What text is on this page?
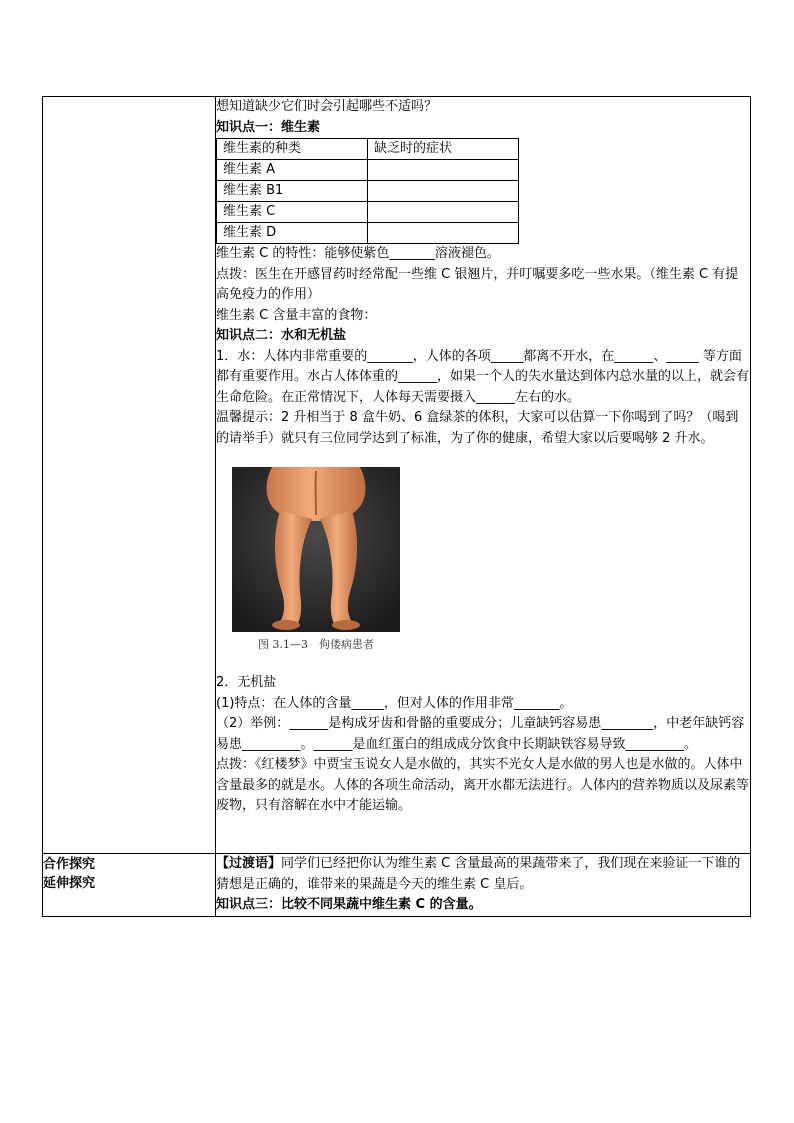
想知道缺少它们时会引起哪些不适吗？

知识点一：维生素

维生素的种类	缺乏时的症状
维生素 A	
维生素 B1	
维生素 C	
维生素 D	

维生素 C 的特性：能够使紫色_______溶液褪色。

点拨：医生在开感冒药时经常配一些维 C 银翘片，并叮嘱要多吃一些水果。（维生素 C 有提高免疫力的作用）

维生素 C 含量丰富的食物：

知识点二：水和无机盐

1．水：人体内非常重要的_______，人体的各项_____都离不开水，在______、_____ 等方面都有重要作用。水占人体体重的______，如果一个人的失水量达到体内总水量的以上，就会有生命危险。在正常情况下，人体每天需要摄入______左右的水。

温馨提示：2 升相当于 8 盒牛奶、6 盒绿茶的体积，大家可以估算一下你喝到了吗？（喝到的请举手）就只有三位同学达到了标准，为了你的健康，希望大家以后要喝够 2 升水。

图 3.1—3　佝偻病患者

2．无机盐

(1)特点：在人体的含量_____，但对人体的作用非常_______。

（2）举例：______是构成牙齿和骨骼的重要成分；儿童缺钙容易患________，中老年缺钙容易患_________。______是血红蛋白的组成成分饮食中长期缺铁容易导致_________。

点拨：《红楼梦》中贾宝玉说女人是水做的，其实不光女人是水做的男人也是水做的。人体中含量最多的就是水。人体的各项生命活动，离开水都无法进行。人体内的营养物质以及尿素等废物，只有溶解在水中才能运输。

合作探究
延伸探究

【过渡语】同学们已经把你认为维生素 C 含量最高的果蔬带来了，我们现在来验证一下谁的猜想是正确的，谁带来的果蔬是今天的维生素 C 皇后。

知识点三：比较不同果蔬中维生素 C 的含量。
